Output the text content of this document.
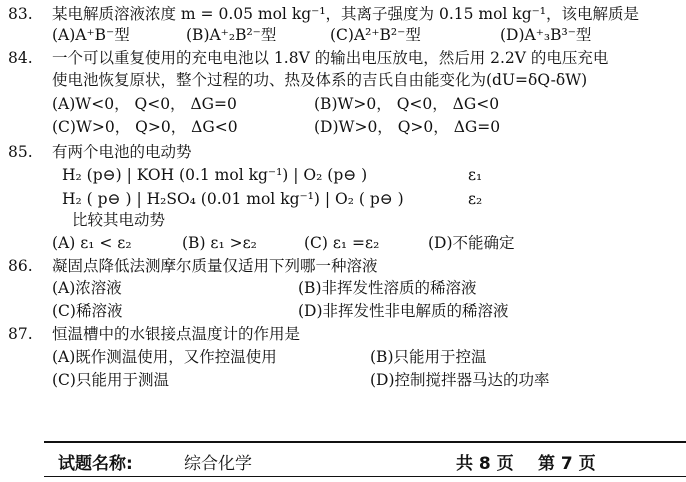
83. 某电解质溶液浓度 m = 0.05 mol kg⁻¹，其离子强度为 0.15 mol kg⁻¹，该电解质是
(A)A⁺B⁻型	(B)A⁺₂B²⁻型	(C)A²⁺B²⁻型	(D)A⁺₃B³⁻型
84. 一个可以重复使用的充电电池以 1.8V 的输出电压放电，然后用 2.2V 的电压充电
使电池恢复原状，整个过程的功、热及体系的吉氏自由能变化为(dU=δQ-δW)
(A)W<0， Q<0， ΔG=0	(B)W>0， Q<0， ΔG<0
(C)W>0， Q>0， ΔG<0	(D)W>0， Q>0， ΔG=0
85. 有两个电池的电动势
H₂ (p⊖) | KOH (0.1 mol kg⁻¹) | O₂ (p⊖ )	ε₁
H₂ ( p⊖ ) | H₂SO₄ (0.01 mol kg⁻¹) | O₂ ( p⊖ )	ε₂
比较其电动势
(A) ε₁ < ε₂	(B) ε₁ >ε₂	(C) ε₁ =ε₂	(D)不能确定
86. 凝固点降低法测摩尔质量仅适用下列哪一种溶液
(A)浓溶液	(B)非挥发性溶质的稀溶液
(C)稀溶液	(D)非挥发性非电解质的稀溶液
87. 恒温槽中的水银接点温度计的作用是
(A)既作测温使用，又作控温使用	(B)只能用于控温
(C)只能用于测温	(D)控制搅拌器马达的功率
试题名称:	综合化学	共 8 页 第 7 页
